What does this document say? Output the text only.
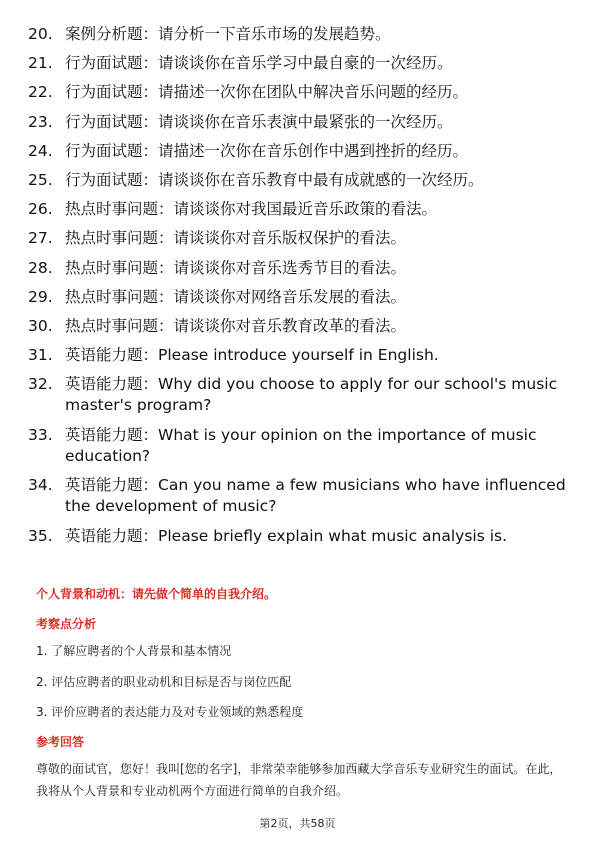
20. 案例分析题：请分析一下音乐市场的发展趋势。
21. 行为面试题：请谈谈你在音乐学习中最自豪的一次经历。
22. 行为面试题：请描述一次你在团队中解决音乐问题的经历。
23. 行为面试题：请谈谈你在音乐表演中最紧张的一次经历。
24. 行为面试题：请描述一次你在音乐创作中遇到挫折的经历。
25. 行为面试题：请谈谈你在音乐教育中最有成就感的一次经历。
26. 热点时事问题：请谈谈你对我国最近音乐政策的看法。
27. 热点时事问题：请谈谈你对音乐版权保护的看法。
28. 热点时事问题：请谈谈你对音乐选秀节目的看法。
29. 热点时事问题：请谈谈你对网络音乐发展的看法。
30. 热点时事问题：请谈谈你对音乐教育改革的看法。
31. 英语能力题：Please introduce yourself in English.
32. 英语能力题：Why did you choose to apply for our school's music master's program?
33. 英语能力题：What is your opinion on the importance of music education?
34. 英语能力题：Can you name a few musicians who have influenced the development of music?
35. 英语能力题：Please briefly explain what music analysis is.
个人背景和动机：请先做个简单的自我介绍。
考察点分析
1. 了解应聘者的个人背景和基本情况
2. 评估应聘者的职业动机和目标是否与岗位匹配
3. 评价应聘者的表达能力及对专业领域的熟悉程度
参考回答
尊敬的面试官，您好！我叫[您的名字]，非常荣幸能够参加西藏大学音乐专业研究生的面试。在此，我将从个人背景和专业动机两个方面进行简单的自我介绍。
第2页，共58页
